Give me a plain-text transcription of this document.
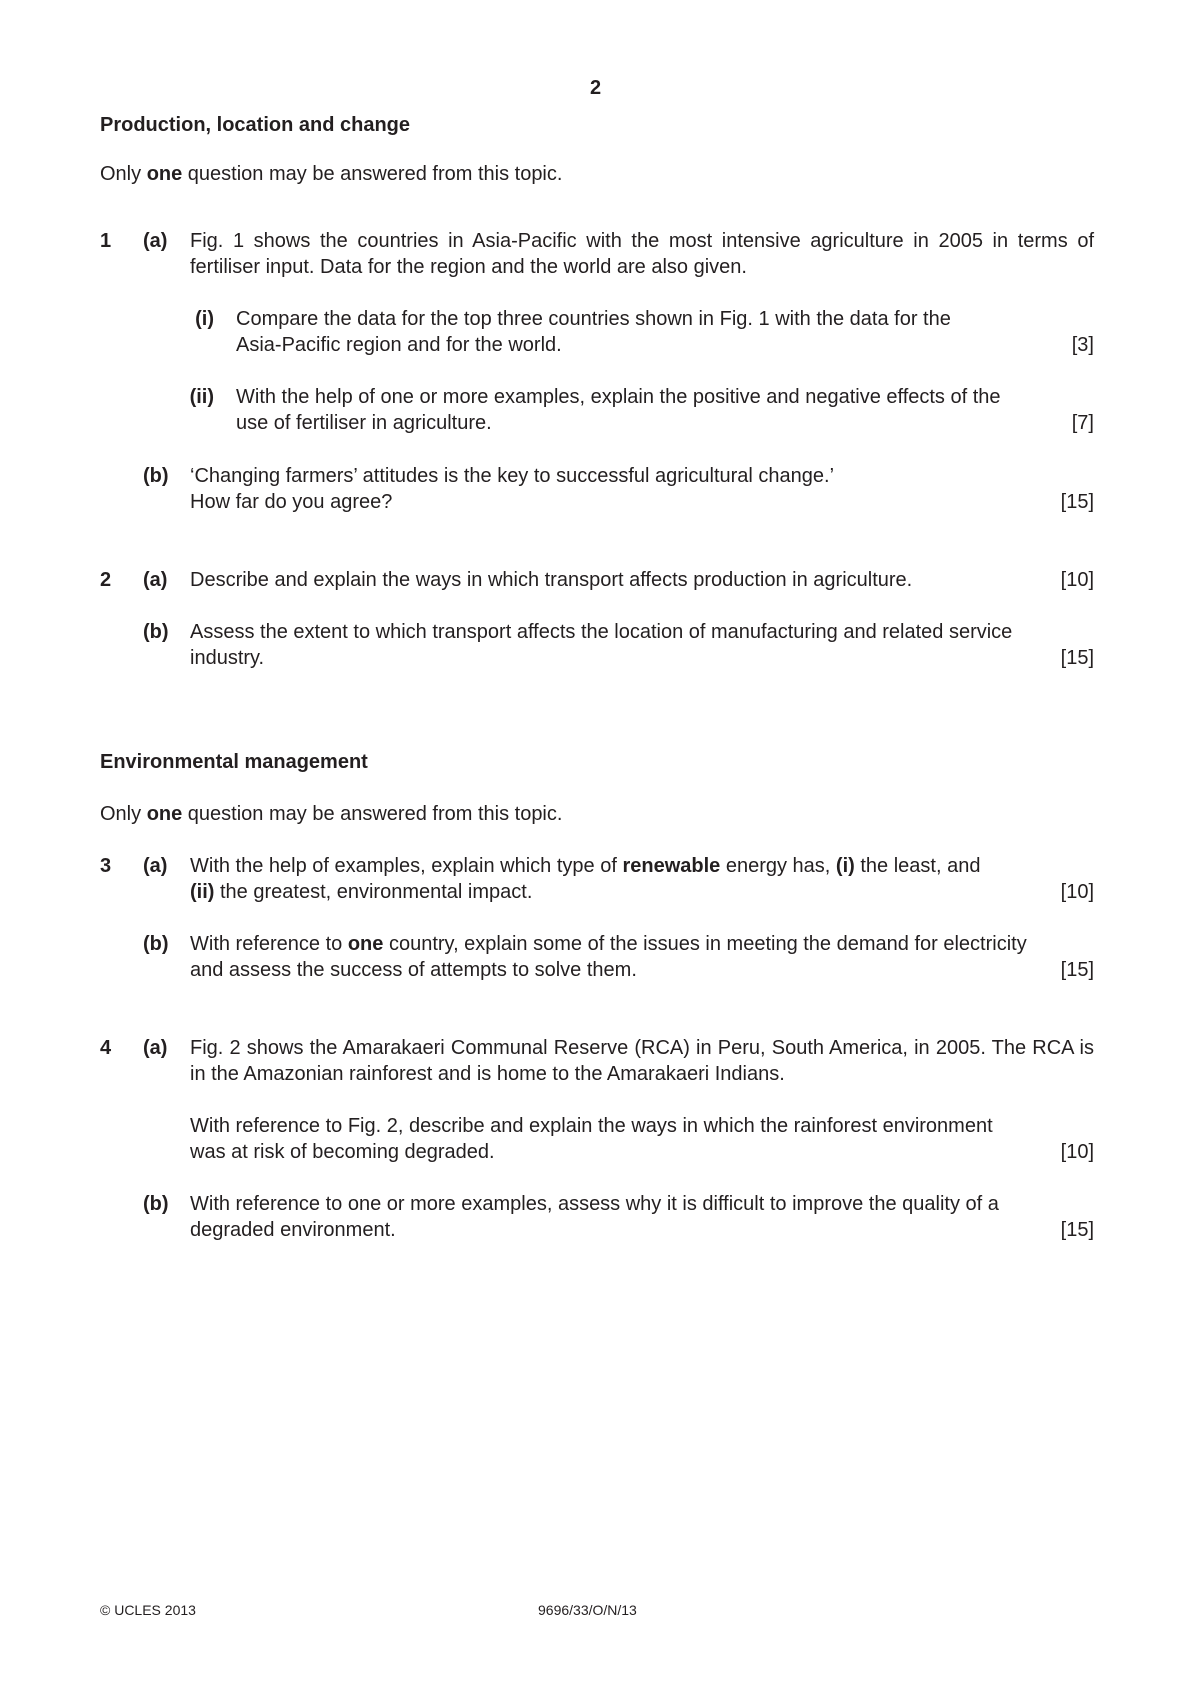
2

Production, location and change

Only one question may be answered from this topic.

1	(a)	Fig. 1 shows the countries in Asia-Pacific with the most intensive agriculture in 2005 in terms of fertiliser input. Data for the region and the world are also given.

(i) Compare the data for the top three countries shown in Fig. 1 with the data for the
Asia-Pacific region and for the world.	[3]

(ii) With the help of one or more examples, explain the positive and negative effects of the
use of fertiliser in agriculture.	[7]

(b)	‘Changing farmers’ attitudes is the key to successful agricultural change.’
How far do you agree?	[15]

2	(a)	Describe and explain the ways in which transport affects production in agriculture.	[10]

(b)	Assess the extent to which transport affects the location of manufacturing and related service
industry.	[15]

Environmental management

Only one question may be answered from this topic.

3	(a)	With the help of examples, explain which type of renewable energy has, (i) the least, and
(ii) the greatest, environmental impact.	[10]

(b)	With reference to one country, explain some of the issues in meeting the demand for electricity
and assess the success of attempts to solve them.	[15]

4	(a)	Fig. 2 shows the Amarakaeri Communal Reserve (RCA) in Peru, South America, in 2005. The RCA is in the Amazonian rainforest and is home to the Amarakaeri Indians.
With reference to Fig. 2, describe and explain the ways in which the rainforest environment
was at risk of becoming degraded.	[10]

(b)	With reference to one or more examples, assess why it is difficult to improve the quality of a
degraded environment.	[15]

© UCLES 2013	9696/33/O/N/13
